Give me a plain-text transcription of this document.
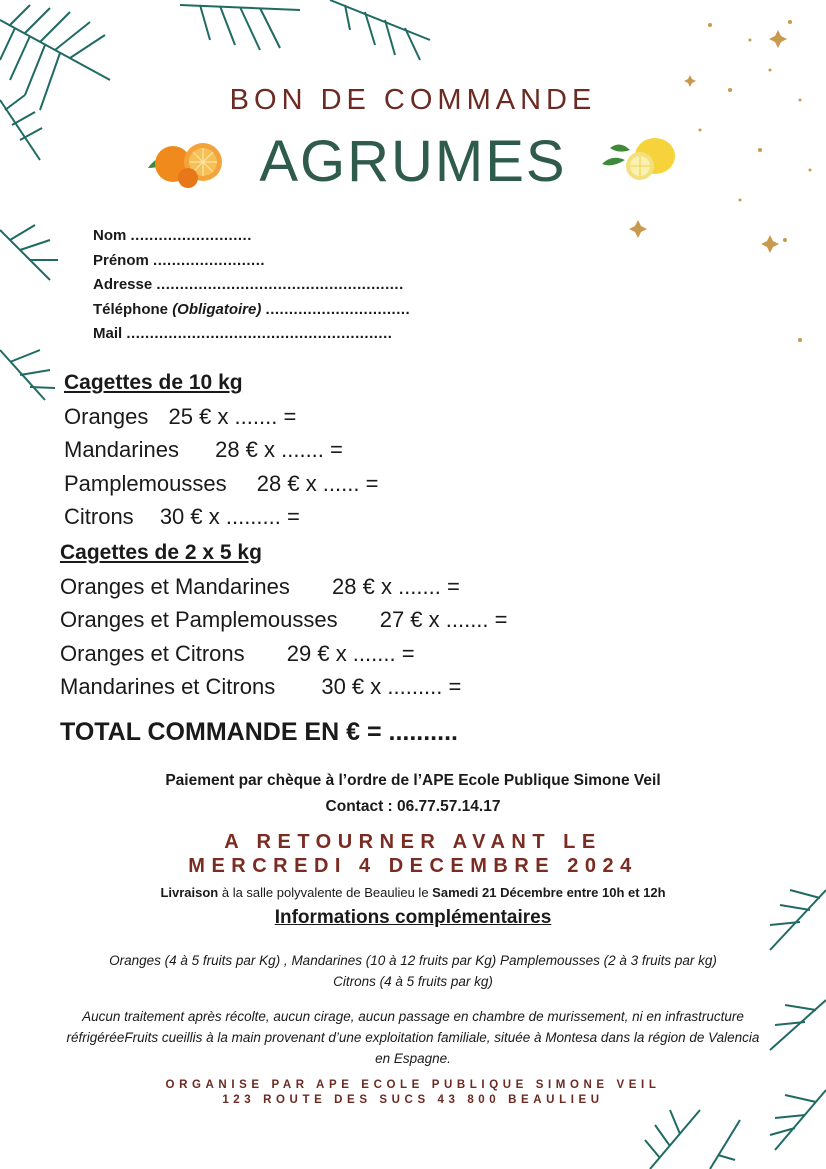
BON DE COMMANDE
AGRUMES
Nom ..........................
Prénom ........................
Adresse .....................................................
Téléphone (Obligatoire) ...............................
Mail .........................................................
Cagettes de 10 kg
Oranges 25 € x ....... =
Mandarines 28 € x ....... =
Pamplemousses 28 € x ...... =
Citrons 30 € x ......... =
Cagettes de 2 x 5 kg
Oranges et Mandarines 28 € x ....... =
Oranges et Pamplemousses 27 € x ....... =
Oranges et Citrons 29 € x ....... =
Mandarines et Citrons 30 € x ......... =
TOTAL COMMANDE EN € = ..........
Paiement par chèque à l’ordre de l’APE Ecole Publique Simone Veil
Contact : 06.77.57.14.17
A RETOURNER AVANT LE
MERCREDI 4 DECEMBRE 2024
Livraison à la salle polyvalente de Beaulieu le Samedi 21 Décembre entre 10h et 12h
Informations complémentaires
Oranges (4 à 5 fruits par Kg) , Mandarines (10 à 12 fruits par Kg) Pamplemousses (2 à 3 fruits par kg)
Citrons (4 à 5 fruits par kg)
Aucun traitement après récolte, aucun cirage, aucun passage en chambre de murissement, ni en infrastructure réfrigéréeFruits cueillis à la main provenant d’une exploitation familiale, située à Montesa dans la région de Valencia en Espagne.
ORGANISE PAR APE ECOLE PUBLIQUE SIMONE VEIL
123 ROUTE DES SUCS 43 800 BEAULIEU
